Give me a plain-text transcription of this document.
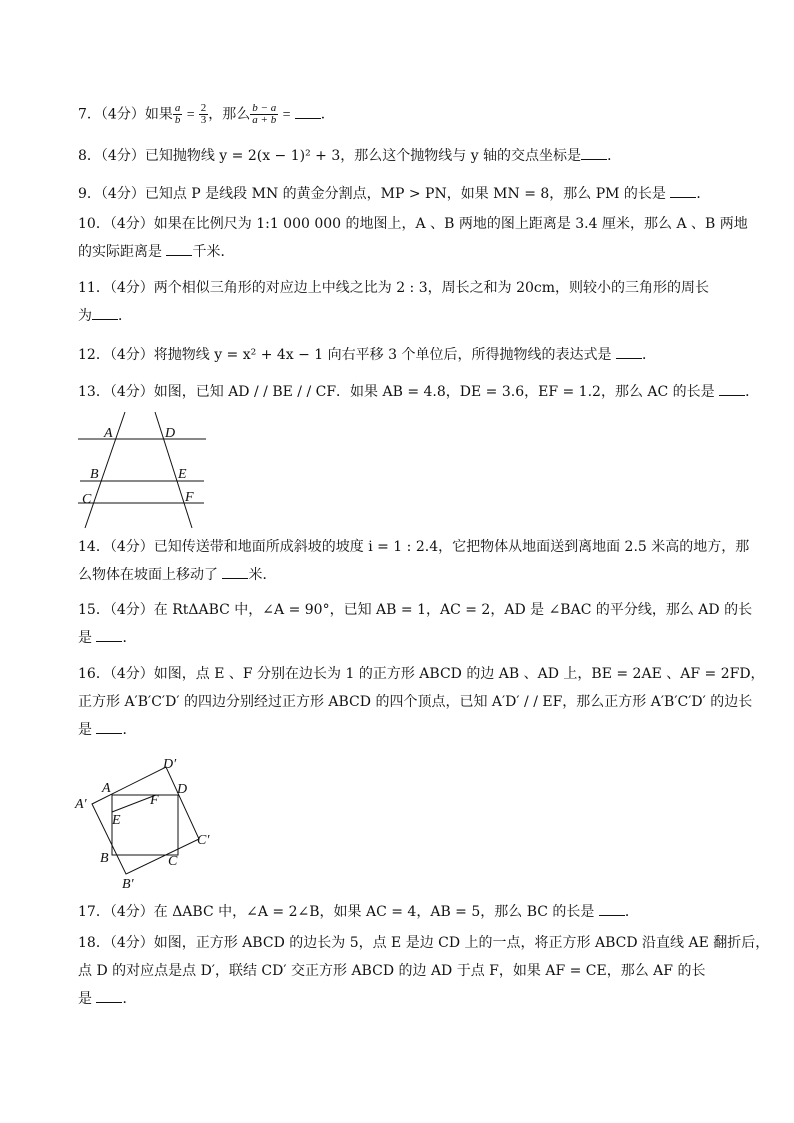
7．（4分）如果 $\frac{a}{b} = \frac{2}{3}$ ，那么 $\frac{b - a}{a + b}$ = ．
8．（4分）已知抛物线 y = 2(x − 1)² + 3，那么这个抛物线与 y 轴的交点坐标是 ．
9．（4分）已知点 P 是线段 MN 的黄金分割点，MP > PN，如果 MN = 8，那么 PM 的长是 ．
10．（4分）如果在比例尺为 1:1 000 000 的地图上，A 、B 两地的图上距离是 3.4 厘米，那么 A 、B 两地
的实际距离是 千米．
11．（4分）两个相似三角形的对应边上中线之比为 2 : 3，周长之和为 20cm，则较小的三角形的周长
为 ．
12．（4分）将抛物线 y = x² + 4x − 1 向右平移 3 个单位后，所得抛物线的表达式是 ．
13．（4分）如图，已知 AD / / BE / / CF．如果 AB = 4.8，DE = 3.6，EF = 1.2，那么 AC 的长是 ．
A	D
B	E
C	F
14．（4分）已知传送带和地面所成斜坡的坡度 i = 1 : 2.4，它把物体从地面送到离地面 2.5 米高的地方，那
么物体在坡面上移动了 米．
15．（4分）在 RtΔABC 中，∠A = 90°，已知 AB = 1，AC = 2，AD 是 ∠BAC 的平分线，那么 AD 的长
是 ．
16．（4分）如图，点 E 、F 分别在边长为 1 的正方形 ABCD 的边 AB 、AD 上，BE = 2AE 、AF = 2FD，
正方形 A′B′C′D′ 的四边分别经过正方形 ABCD 的四个顶点，已知 A′D′ / / EF，那么正方形 A′B′C′D′ 的边长
是 ．
A
A′
D′
D
F
E
B	C
C′
B′
17．（4分）在 ΔABC 中，∠A = 2∠B，如果 AC = 4，AB = 5，那么 BC 的长是 ．
18．（4分）如图，正方形 ABCD 的边长为 5，点 E 是边 CD 上的一点，将正方形 ABCD 沿直线 AE 翻折后，
点 D 的对应点是点 D′，联结 CD′ 交正方形 ABCD 的边 AD 于点 F，如果 AF = CE，那么 AF 的长
是 ．
